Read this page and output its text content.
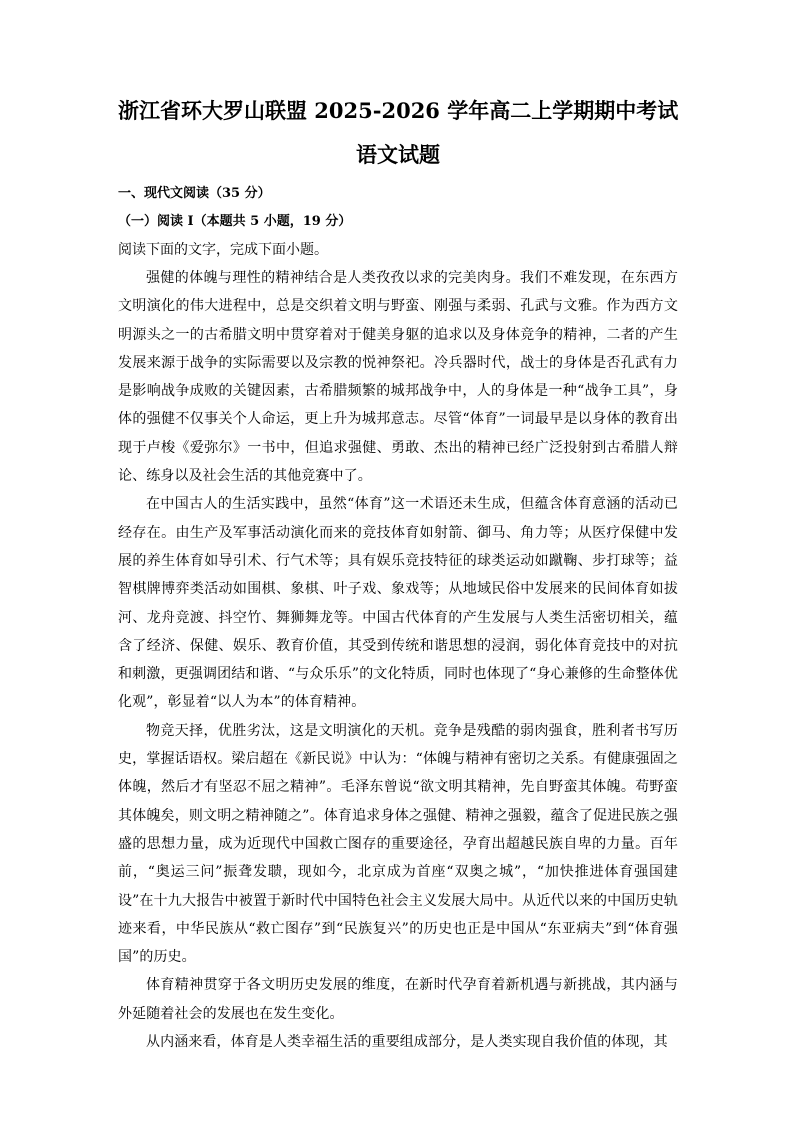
浙江省环大罗山联盟 2025-2026 学年高二上学期期中考试

语文试题

一、现代文阅读（35 分）

（一）阅读 I（本题共 5 小题，19 分）

阅读下面的文字，完成下面小题。

强健的体魄与理性的精神结合是人类孜孜以求的完美肉身。我们不难发现，在东西方文明演化的伟大进程中，总是交织着文明与野蛮、刚强与柔弱、孔武与文雅。作为西方文明源头之一的古希腊文明中贯穿着对于健美身躯的追求以及身体竞争的精神，二者的产生发展来源于战争的实际需要以及宗教的悦神祭祀。冷兵器时代，战士的身体是否孔武有力是影响战争成败的关键因素，古希腊频繁的城邦战争中，人的身体是一种“战争工具”，身体的强健不仅事关个人命运，更上升为城邦意志。尽管“体育”一词最早是以身体的教育出现于卢梭《爱弥尔》一书中，但追求强健、勇敢、杰出的精神已经广泛投射到古希腊人辩论、练身以及社会生活的其他竞赛中了。

在中国古人的生活实践中，虽然“体育”这一术语还未生成，但蕴含体育意涵的活动已经存在。由生产及军事活动演化而来的竞技体育如射箭、御马、角力等；从医疗保健中发展的养生体育如导引术、行气术等；具有娱乐竞技特征的球类运动如蹴鞠、步打球等；益智棋牌博弈类活动如围棋、象棋、叶子戏、象戏等；从地域民俗中发展来的民间体育如拔河、龙舟竞渡、抖空竹、舞狮舞龙等。中国古代体育的产生发展与人类生活密切相关，蕴含了经济、保健、娱乐、教育价值，其受到传统和谐思想的浸润，弱化体育竞技中的对抗和刺激，更强调团结和谐、“与众乐乐”的文化特质，同时也体现了“身心兼修的生命整体优化观”，彰显着“以人为本”的体育精神。

物竞天择，优胜劣汰，这是文明演化的天机。竞争是残酷的弱肉强食，胜利者书写历史，掌握话语权。梁启超在《新民说》中认为：“体魄与精神有密切之关系。有健康强固之体魄，然后才有坚忍不屈之精神”。毛泽东曾说“欲文明其精神，先自野蛮其体魄。苟野蛮其体魄矣，则文明之精神随之”。体育追求身体之强健、精神之强毅，蕴含了促进民族之强盛的思想力量，成为近现代中国救亡图存的重要途径，孕育出超越民族自卑的力量。百年前，“奥运三问”振聋发聩，现如今，北京成为首座“双奥之城”，“加快推进体育强国建设”在十九大报告中被置于新时代中国特色社会主义发展大局中。从近代以来的中国历史轨迹来看，中华民族从“救亡图存”到“民族复兴”的历史也正是中国从“东亚病夫”到“体育强国”的历史。

体育精神贯穿于各文明历史发展的维度，在新时代孕育着新机遇与新挑战，其内涵与外延随着社会的发展也在发生变化。

从内涵来看，体育是人类幸福生活的重要组成部分，是人类实现自我价值的体现，其
